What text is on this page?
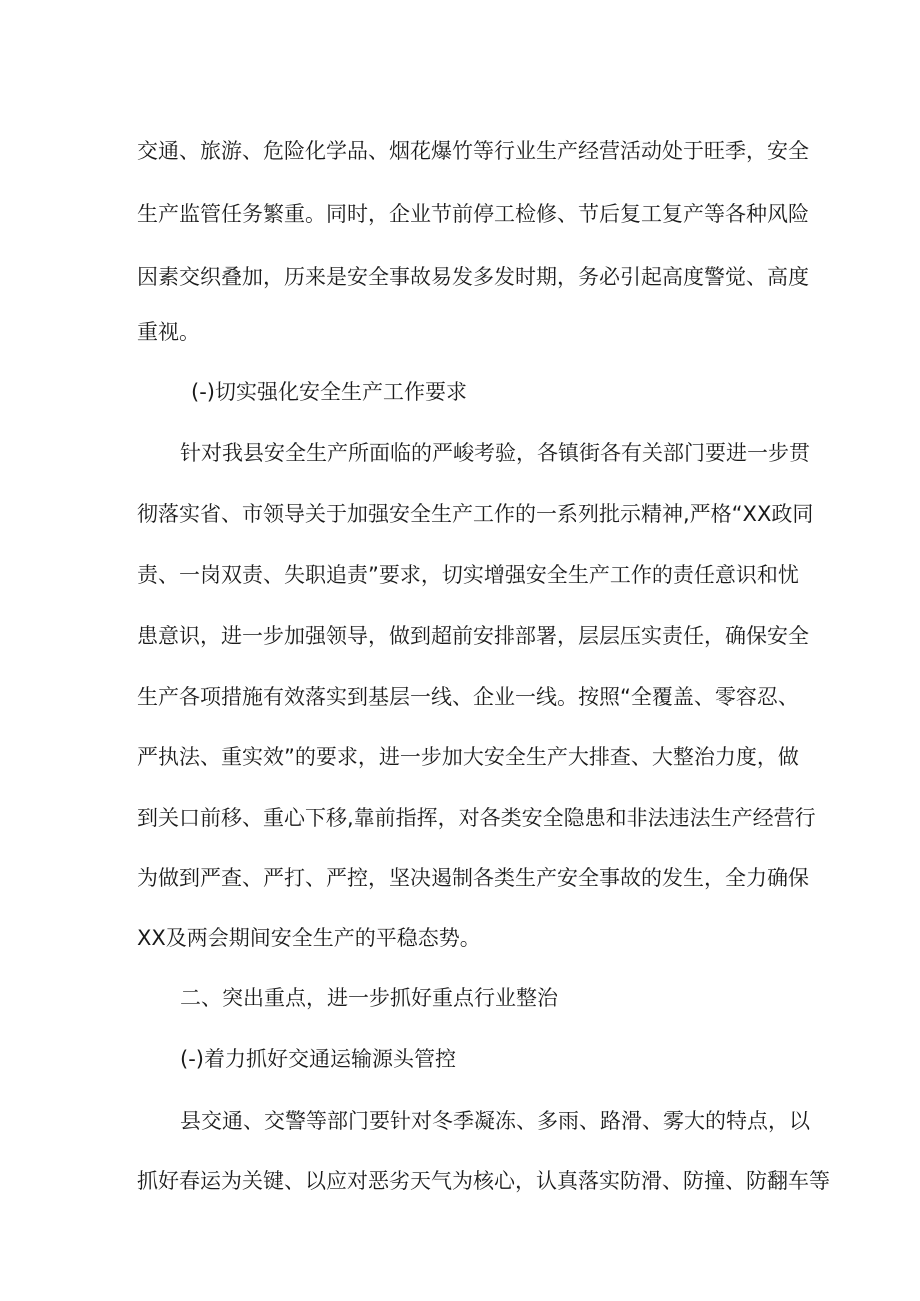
交通、旅游、危险化学品、烟花爆竹等行业生产经营活动处于旺季，安全
生产监管任务繁重。同时，企业节前停工检修、节后复工复产等各种风险
因素交织叠加，历来是安全事故易发多发时期，务必引起高度警觉、高度
重视。
(-)切实强化安全生产工作要求
针对我县安全生产所面临的严峻考验，各镇街各有关部门要进一步贯
彻落实省、市领导关于加强安全生产工作的一系列批示精神,严格“XX政同
责、一岗双责、失职追责”要求，切实增强安全生产工作的责任意识和忧
患意识，进一步加强领导，做到超前安排部署，层层压实责任，确保安全
生产各项措施有效落实到基层一线、企业一线。按照“全覆盖、零容忍、
严执法、重实效”的要求，进一步加大安全生产大排查、大整治力度，做
到关口前移、重心下移,靠前指挥，对各类安全隐患和非法违法生产经营行
为做到严查、严打、严控，坚决遏制各类生产安全事故的发生，全力确保
XX及两会期间安全生产的平稳态势。
二、突出重点，进一步抓好重点行业整治
(-)着力抓好交通运输源头管控
县交通、交警等部门要针对冬季凝冻、多雨、路滑、雾大的特点，以
抓好春运为关键、以应对恶劣天气为核心，认真落实防滑、防撞、防翻车等
